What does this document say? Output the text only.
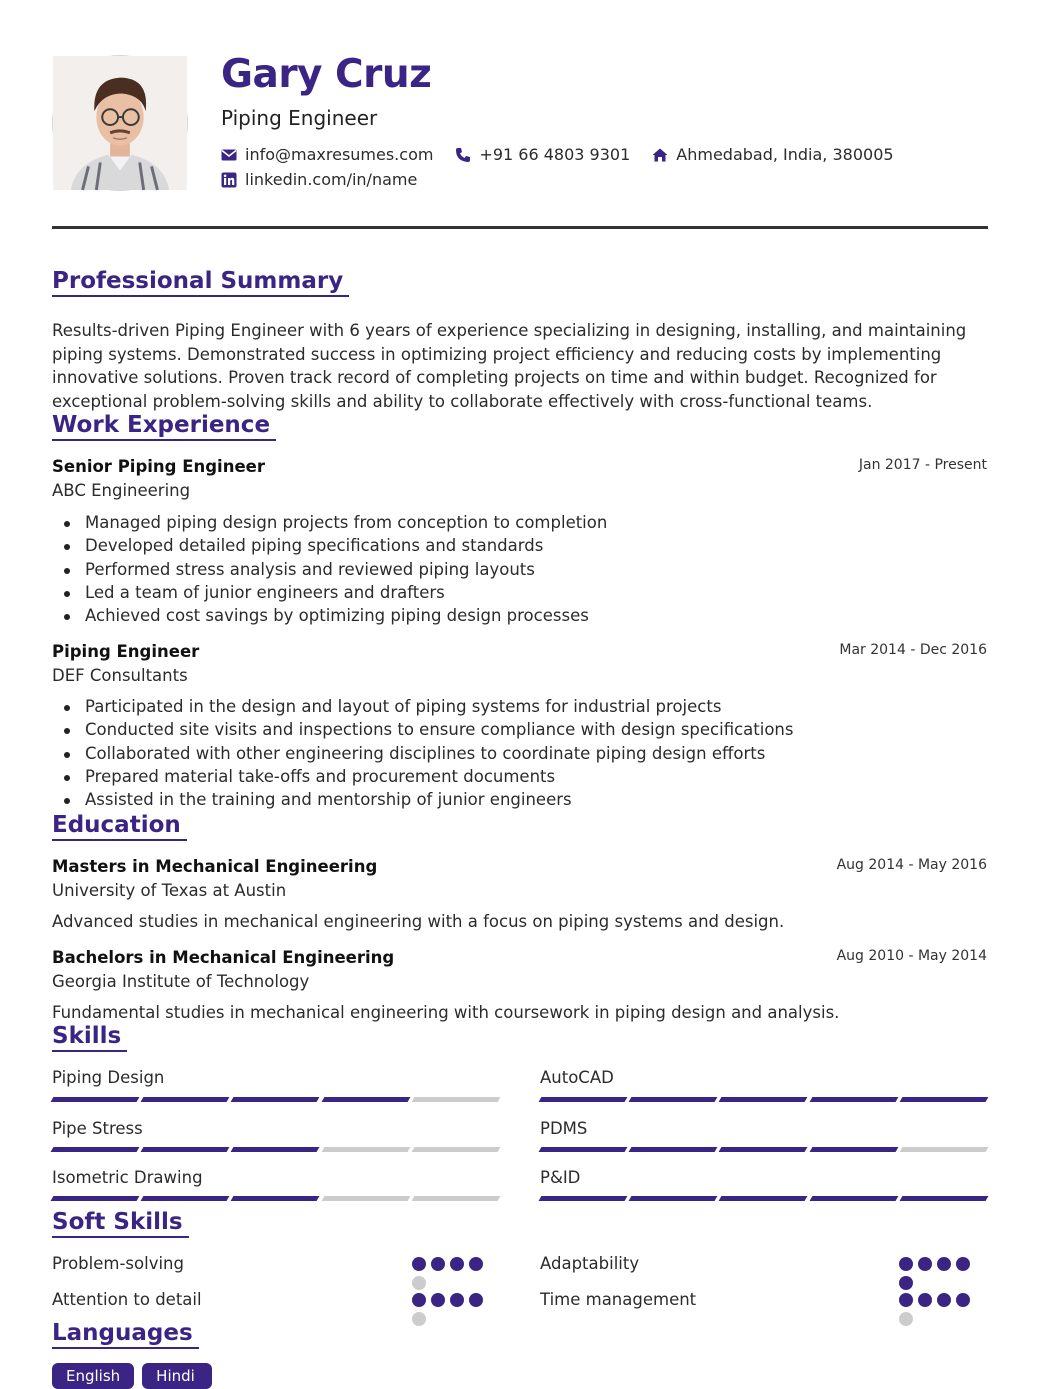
Gary Cruz
Piping Engineer
info@maxresumes.com	+91 66 4803 9301	Ahmedabad, India, 380005
linkedin.com/in/name
Professional Summary
Results-driven Piping Engineer with 6 years of experience specializing in designing, installing, and maintaining piping systems. Demonstrated success in optimizing project efficiency and reducing costs by implementing innovative solutions. Proven track record of completing projects on time and within budget. Recognized for exceptional problem-solving skills and ability to collaborate effectively with cross-functional teams.
Work Experience
Senior Piping Engineer	Jan 2017 - Present
ABC Engineering
Managed piping design projects from conception to completion
Developed detailed piping specifications and standards
Performed stress analysis and reviewed piping layouts
Led a team of junior engineers and drafters
Achieved cost savings by optimizing piping design processes
Piping Engineer	Mar 2014 - Dec 2016
DEF Consultants
Participated in the design and layout of piping systems for industrial projects
Conducted site visits and inspections to ensure compliance with design specifications
Collaborated with other engineering disciplines to coordinate piping design efforts
Prepared material take-offs and procurement documents
Assisted in the training and mentorship of junior engineers
Education
Masters in Mechanical Engineering	Aug 2014 - May 2016
University of Texas at Austin
Advanced studies in mechanical engineering with a focus on piping systems and design.
Bachelors in Mechanical Engineering	Aug 2010 - May 2014
Georgia Institute of Technology
Fundamental studies in mechanical engineering with coursework in piping design and analysis.
Skills
Piping Design	AutoCAD
Pipe Stress	PDMS
Isometric Drawing	P&ID
Soft Skills
Problem-solving	Adaptability
Attention to detail	Time management
Languages
English	Hindi
